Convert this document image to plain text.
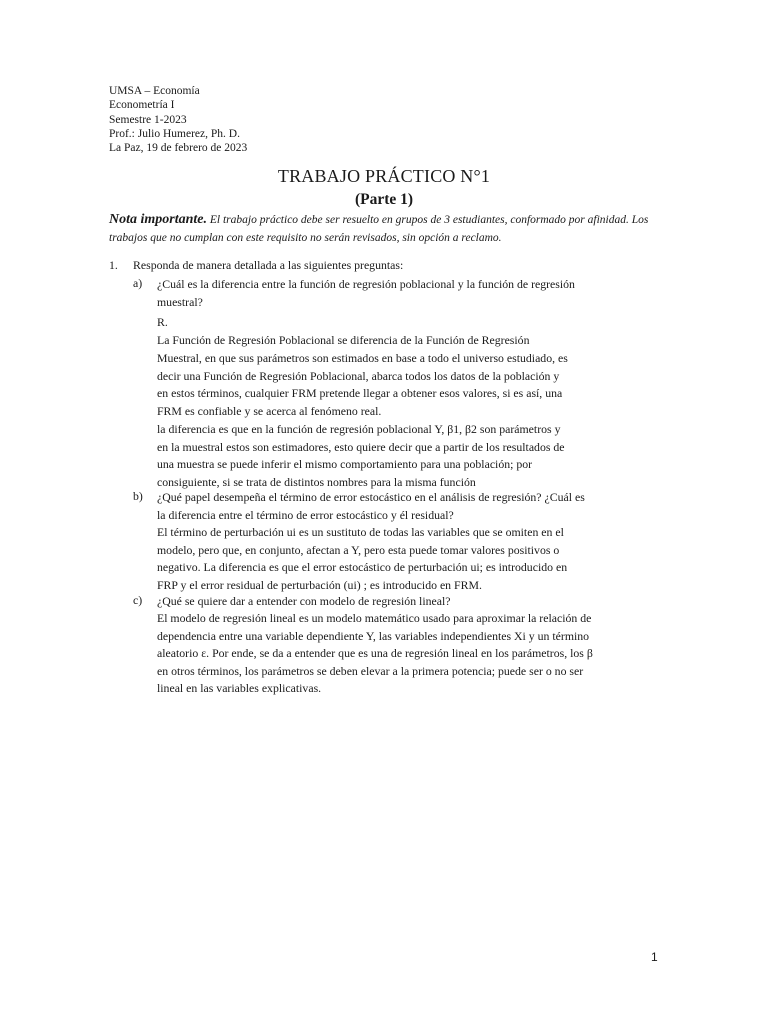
UMSA – Economía
Econometría I
Semestre 1-2023
Prof.: Julio Humerez, Ph. D.
La Paz, 19 de febrero de 2023
TRABAJO PRÁCTICO N°1
(Parte 1)
Nota importante. El trabajo práctico debe ser resuelto en grupos de 3 estudiantes, conformado por afinidad. Los trabajos que no cumplan con este requisito no serán revisados, sin opción a reclamo.
1. Responda de manera detallada a las siguientes preguntas:
a) ¿Cuál es la diferencia entre la función de regresión poblacional y la función de regresión
muestral?
R.
La Función de Regresión Poblacional se diferencia de la Función de Regresión
Muestral, en que sus parámetros son estimados en base a todo el universo estudiado, es
decir una Función de Regresión Poblacional, abarca todos los datos de la población y
en estos términos, cualquier FRM pretende llegar a obtener esos valores, si es así, una
FRM es confiable y se acerca al fenómeno real.
la diferencia es que en la función de regresión poblacional Y, β1, β2 son parámetros y
en la muestral estos son estimadores, esto quiere decir que a partir de los resultados de
una muestra se puede inferir el mismo comportamiento para una población; por
consiguiente, si se trata de distintos nombres para la misma función
b) ¿Qué papel desempeña el término de error estocástico en el análisis de regresión? ¿Cuál es
la diferencia entre el término de error estocástico y él residual?
El término de perturbación ui es un sustituto de todas las variables que se omiten en el
modelo, pero que, en conjunto, afectan a Y, pero esta puede tomar valores positivos o
negativo. La diferencia es que el error estocástico de perturbación ui; es introducido en
FRP y el error residual de perturbación (ui) ; es introducido en FRM.
c) ¿Qué se quiere dar a entender con modelo de regresión lineal?
El modelo de regresión lineal es un modelo matemático usado para aproximar la relación de
dependencia entre una variable dependiente Y, las variables independientes Xi y un término
aleatorio ε. Por ende, se da a entender que es una de regresión lineal en los parámetros, los β
en otros términos, los parámetros se deben elevar a la primera potencia; puede ser o no ser
lineal en las variables explicativas.
1
